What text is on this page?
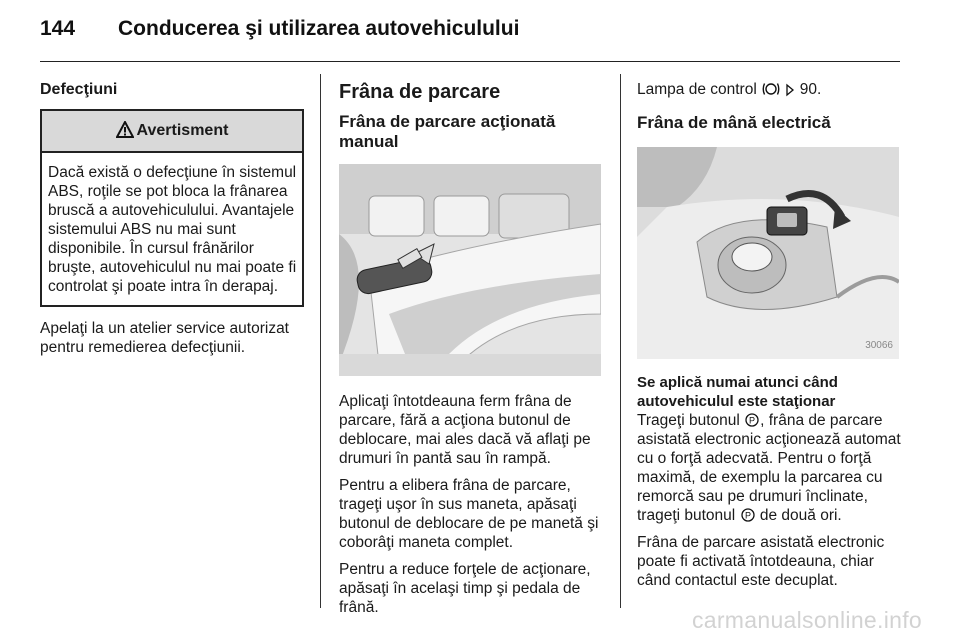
144 Conducerea şi utilizarea autovehiculului
Defecţiuni
Avertisment
Dacă există o defecţiune în sistemul ABS, roţile se pot bloca la frânarea bruscă a autovehiculului. Avantajele sistemului ABS nu mai sunt disponibile. În cursul frânărilor bruşte, autovehiculul nu mai poate fi controlat şi poate intra în derapaj.

Apelaţi la un atelier service autorizat pentru remedierea defecţiunii.

Frâna de parcare
Frâna de parcare acţionată manual

Aplicaţi întotdeauna ferm frâna de parcare, fără a acţiona butonul de deblocare, mai ales dacă vă aflaţi pe drumuri în pantă sau în rampă.

Pentru a elibera frâna de parcare, trageţi uşor în sus maneta, apăsaţi butonul de deblocare de pe manetă şi coborâţi maneta complet.

Pentru a reduce forţele de acţionare, apăsaţi în acelaşi timp şi pedala de frână.

Lampa de control	90.

Frâna de mână electrică
30066
Se aplică numai atunci când autovehiculul este staţionar

Trageţi butonul P , frâna de parcare asistată electronic acţionează automat cu o forţă adecvată. Pentru o forţă maximă, de exemplu la parcarea cu remorcă sau pe drumuri înclinate, trageţi butonul P de două ori.

Frâna de parcare asistată electronic poate fi activată întotdeauna, chiar când contactul este decuplat.

carmanualsonline.info
